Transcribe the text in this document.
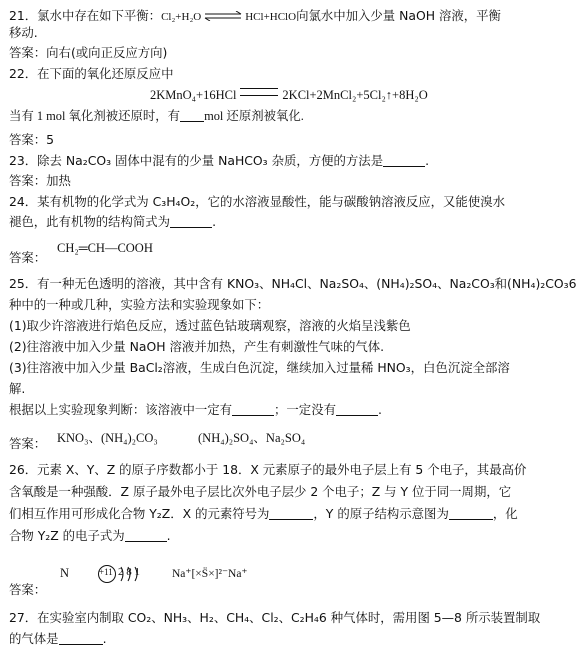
21．氯水中存在如下平衡：Cl₂+H₂O ⇌ HCl+HClO向氯水中加入少量 NaOH 溶液，平衡
移动.
答案：向右(或向正反应方向)
22．在下面的氧化还原反应中
2KMnO₄+16HCl	2KCl+2MnCl₂+5Cl₂↑+8H₂O
当有 1 mol 氧化剂被还原时，有 mol 还原剂被氧化.
答案：5
23．除去 Na₂CO₃ 固体中混有的少量 NaHCO₃ 杂质，方便的方法是	.
答案：加热
24．某有机物的化学式为 C₃H₄O₂，它的水溶液显酸性，能与碳酸钠溶液反应，又能使溴水
褪色，此有机物的结构简式为	.
答案：
CH₂═CH—COOH
25．有一种无色透明的溶液，其中含有 KNO₃、NH₄Cl、Na₂SO₄、(NH₄)₂SO₄、Na₂CO₃和(NH₄)₂CO₃6
种中的一种或几种，实验方法和实验现象如下：
(1)取少许溶液进行焰色反应，透过蓝色钴玻璃观察，溶液的火焰呈浅紫色
(2)往溶液中加入少量 NaOH 溶液并加热，产生有刺激性气味的气体.
(3)往溶液中加入少量 BaCl₂溶液，生成白色沉淀，继续加入过量稀 HNO₃，白色沉淀全部溶
解.
根据以上实验现象判断：该溶液中一定有	；一定没有	.
答案： KNO₃、(NH₄)₂CO₃	(NH₄)₂SO₄、Na₂SO₄
26．元素 X、Y、Z 的原子序数都小于 18．X 元素原子的最外电子层上有 5 个电子，其最高价
含氧酸是一种强酸．Z 原子最外电子层比次外电子层少 2 个电子；Z 与 Y 位于同一周期，它
们相互作用可形成化合物 Y₂Z．X 的元素符号为	，Y 的原子结构示意图为	，化
合物 Y₂Z 的电子式为	.
答案：
N	+11 2 8 1	Na⁺[×S̈×]²⁻Na⁺
27．在实验室内制取 CO₂、NH₃、H₂、CH₄、Cl₂、C₂H₄6 种气体时，需用图 5—8 所示装置制取
的气体是	.
